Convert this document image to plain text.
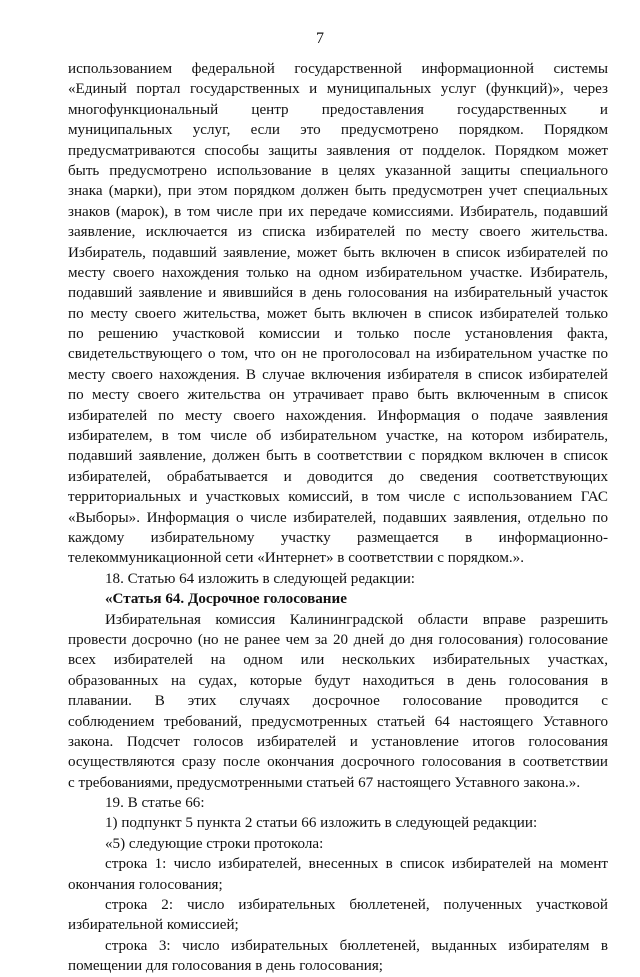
7
использованием федеральной государственной информационной системы
«Единый портал государственных и муниципальных услуг (функций)», через
многофункциональный центр предоставления государственных и
муниципальных услуг, если это предусмотрено порядком. Порядком
предусматриваются способы защиты заявления от подделок. Порядком может
быть предусмотрено использование в целях указанной защиты специального
знака (марки), при этом порядком должен быть предусмотрен учет специальных
знаков (марок), в том числе при их передаче комиссиями. Избиратель, подавший
заявление, исключается из списка избирателей по месту своего жительства.
Избиратель, подавший заявление, может быть включен в список избирателей по
месту своего нахождения только на одном избирательном участке. Избиратель,
подавший заявление и явившийся в день голосования на избирательный участок
по месту своего жительства, может быть включен в список избирателей только
по решению участковой комиссии и только после установления факта,
свидетельствующего о том, что он не проголосовал на избирательном участке по
месту своего нахождения. В случае включения избирателя в список избирателей
по месту своего жительства он утрачивает право быть включенным в список
избирателей по месту своего нахождения. Информация о подаче заявления
избирателем, в том числе об избирательном участке, на котором избиратель,
подавший заявление, должен быть в соответствии с порядком включен в список
избирателей, обрабатывается и доводится до сведения соответствующих
территориальных и участковых комиссий, в том числе с использованием ГАС
«Выборы». Информация о числе избирателей, подавших заявления, отдельно по
каждому избирательному участку размещается в информационно-
телекоммуникационной сети «Интернет» в соответствии с порядком.».
18. Статью 64 изложить в следующей редакции:
«Статья 64. Досрочное голосование
Избирательная комиссия Калининградской области вправе разрешить
провести досрочно (но не ранее чем за 20 дней до дня голосования) голосование
всех избирателей на одном или нескольких избирательных участках,
образованных на судах, которые будут находиться в день голосования в
плавании. В этих случаях досрочное голосование проводится с
соблюдением требований, предусмотренных статьей 64 настоящего Уставного
закона. Подсчет голосов избирателей и установление итогов голосования
осуществляются сразу после окончания досрочного голосования в соответствии
с требованиями, предусмотренными статьей 67 настоящего Уставного закона.».
19. В статье 66:
1) подпункт 5 пункта 2 статьи 66 изложить в следующей редакции:
«5) следующие строки протокола:
строка 1: число избирателей, внесенных в список избирателей на момент
окончания голосования;
строка 2: число избирательных бюллетеней, полученных участковой
избирательной комиссией;
строка 3: число избирательных бюллетеней, выданных избирателям в
помещении для голосования в день голосования;
